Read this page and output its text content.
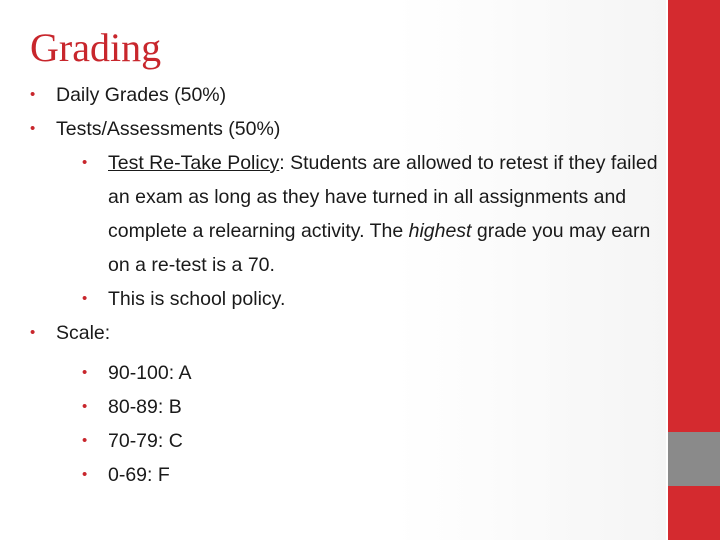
Grading
• Daily Grades (50%)
• Tests/Assessments (50%)
• Test Re-Take Policy: Students are allowed to retest if they failed an exam as long as they have turned in all assignments and complete a relearning activity. The highest grade you may earn on a re-test is a 70.
• This is school policy.
• Scale:
• 90-100: A
• 80-89: B
• 70-79: C
• 0-69: F
